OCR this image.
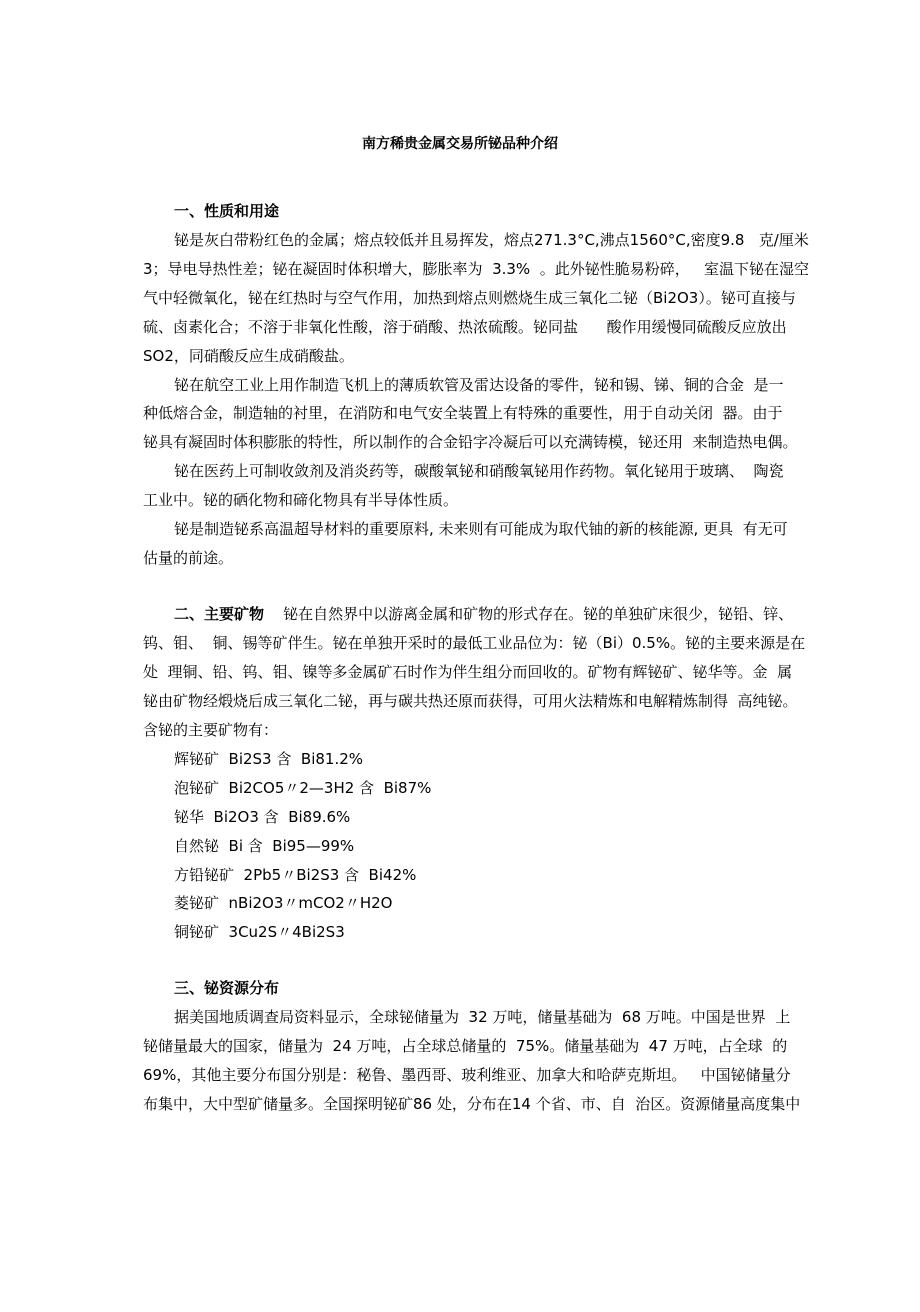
南方稀贵金属交易所铋品种介绍
一、性质和用途
铋是灰白带粉红色的金属；熔点较低并且易挥发，熔点271.3°C,沸点1560°C,密度9.8   克/厘米
3；导电导热性差；铋在凝固时体积增大，膨胀率为  3.3%  。此外铋性脆易粉碎，   室温下铋在湿空
气中轻微氧化，铋在红热时与空气作用，加热到熔点则燃烧生成三氧化二铋（Bi2O3）。铋可直接与
硫、卤素化合；不溶于非氧化性酸，溶于硝酸、热浓硫酸。铋同盐      酸作用缓慢同硫酸反应放出
SO2，同硝酸反应生成硝酸盐。
铋在航空工业上用作制造飞机上的薄质软管及雷达设备的零件，铋和锡、锑、铜的合金  是一
种低熔合金，制造轴的衬里，在消防和电气安全装置上有特殊的重要性，用于自动关闭  器。由于
铋具有凝固时体积膨胀的特性，所以制作的合金铅字冷凝后可以充满铸模，铋还用  来制造热电偶。
铋在医药上可制收敛剂及消炎药等，碳酸氧铋和硝酸氧铋用作药物。氧化铋用于玻璃、  陶瓷
工业中。铋的硒化物和碲化物具有半导体性质。
铋是制造铋系高温超导材料的重要原料, 未来则有可能成为取代铀的新的核能源, 更具  有无可
估量的前途。
二、主要矿物 铋在自然界中以游离金属和矿物的形式存在。铋的单独矿床很少，铋铅、锌、
钨、钼、  铜、锡等矿伴生。铋在单独开采时的最低工业品位为：铋（Bi）0.5%。铋的主要来源是在
处  理铜、铅、钨、钼、镍等多金属矿石时作为伴生组分而回收的。矿物有辉铋矿、铋华等。金  属
铋由矿物经煅烧后成三氧化二铋，再与碳共热还原而获得，可用火法精炼和电解精炼制得  高纯铋。
含铋的主要矿物有：
辉铋矿  Bi2S3 含  Bi81.2%
泡铋矿  Bi2CO5〃2—3H2 含  Bi87%
铋华  Bi2O3 含  Bi89.6%
自然铋  Bi 含  Bi95—99%
方铅铋矿  2Pb5〃Bi2S3 含  Bi42%
菱铋矿  nBi2O3〃mCO2〃H2O
铜铋矿  3Cu2S〃4Bi2S3
三、铋资源分布
据美国地质调查局资料显示，全球铋储量为  32 万吨，储量基础为  68 万吨。中国是世界  上
铋储量最大的国家，储量为  24 万吨，占全球总储量的  75%。储量基础为  47 万吨，占全球  的
69%，其他主要分布国分别是：秘鲁、墨西哥、玻利维亚、加拿大和哈萨克斯坦。   中国铋储量分
布集中，大中型矿储量多。全国探明铋矿86 处，分布在14 个省、市、自  治区。资源储量高度集中
